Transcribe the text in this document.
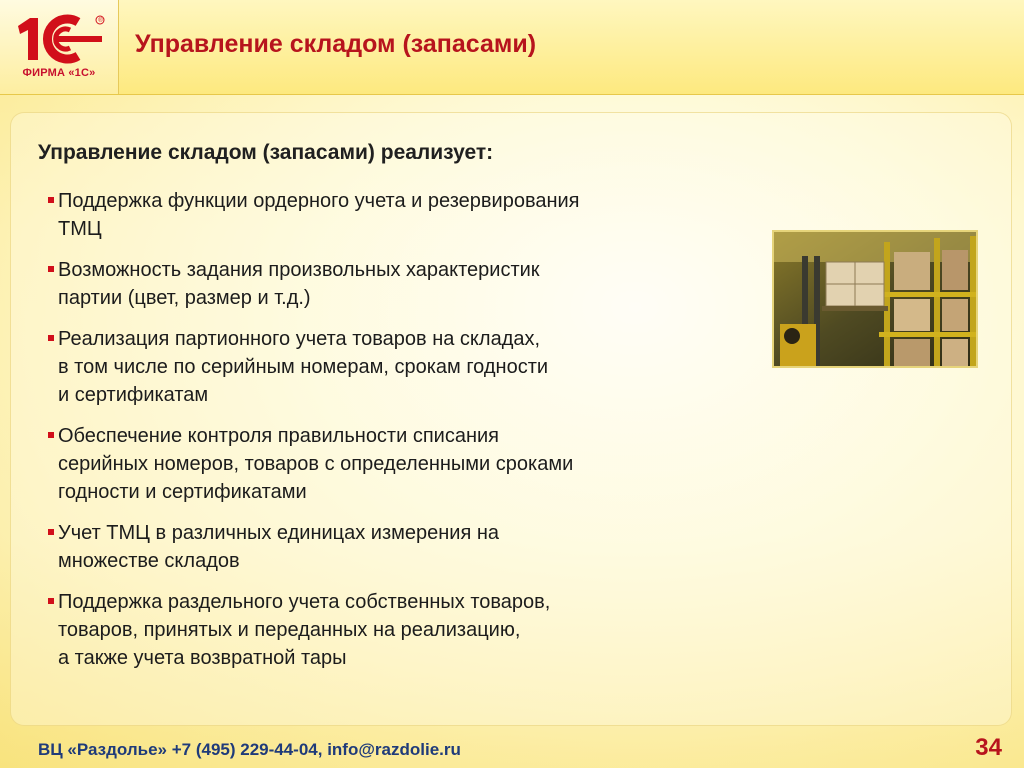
®
ФИРМА «1С»
Управление складом (запасами)
Управление складом (запасами) реализует:
Поддержка функции ордерного учета и резервирования
ТМЦ
Возможность задания произвольных характеристик
партии (цвет, размер и т.д.)
Реализация партионного учета товаров на складах,
в том числе по серийным номерам, срокам годности
и сертификатам
Обеспечение контроля правильности списания
серийных номеров, товаров с определенными сроками
годности и сертификатами
Учет ТМЦ в различных единицах измерения на
множестве складов
Поддержка раздельного учета собственных товаров,
товаров, принятых и переданных на реализацию,
а также учета возвратной тары
ВЦ «Раздолье» +7 (495) 229-44-04, info@razdolie.ru	34
